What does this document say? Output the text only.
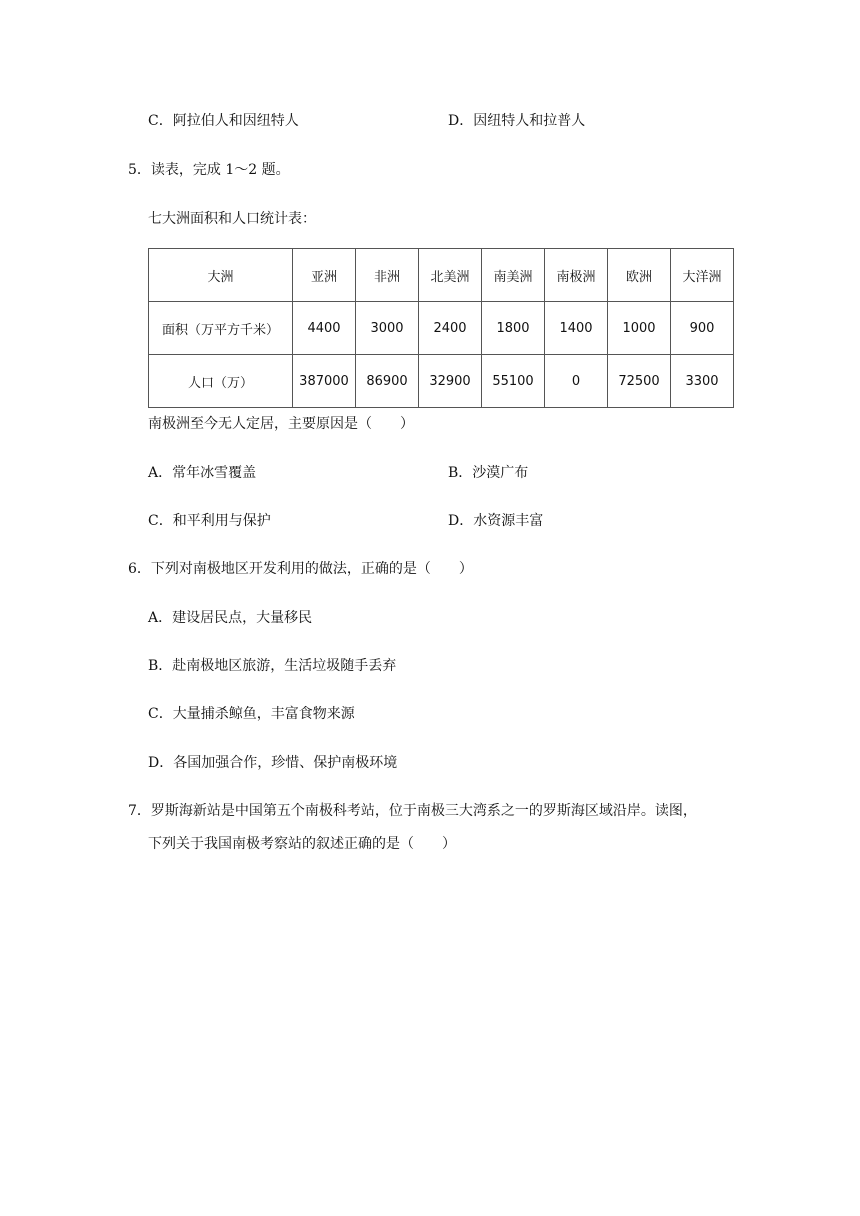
C．阿拉伯人和因纽特人	D．因纽特人和拉普人
5．读表，完成 1～2 题。
七大洲面积和人口统计表：
大洲	亚洲	非洲	北美洲	南美洲	南极洲	欧洲	大洋洲
面积（万平方千米）	4400	3000	2400	1800	1400	1000	900
人口（万）	387000	86900	32900	55100	0	72500	3300
南极洲至今无人定居，主要原因是（　　）
A．常年冰雪覆盖	B．沙漠广布
C．和平利用与保护	D．水资源丰富
6．下列对南极地区开发利用的做法，正确的是（　　）
A．建设居民点，大量移民
B．赴南极地区旅游，生活垃圾随手丢弃
C．大量捕杀鲸鱼，丰富食物来源
D．各国加强合作，珍惜、保护南极环境
7．罗斯海新站是中国第五个南极科考站，位于南极三大湾系之一的罗斯海区域沿岸。读图，
下列关于我国南极考察站的叙述正确的是（　　）
